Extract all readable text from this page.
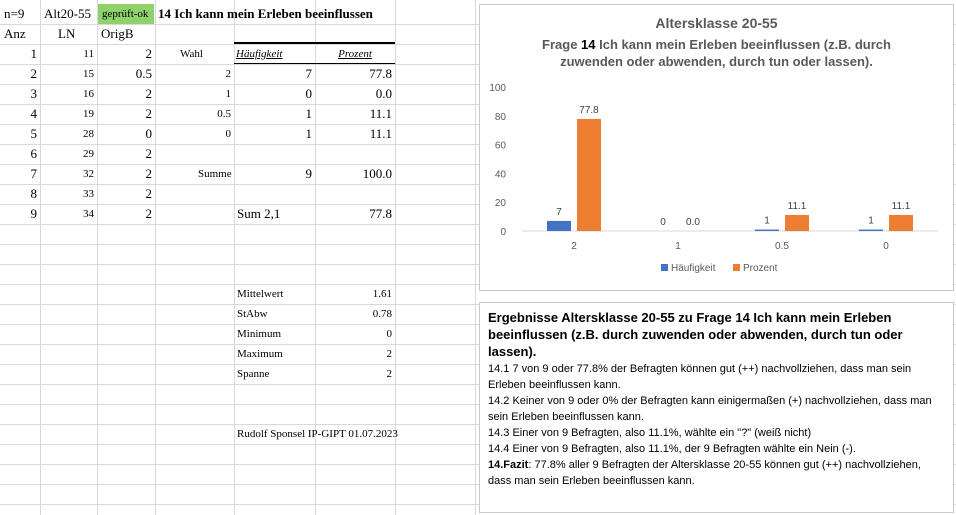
n=9 Alt20-55	geprüft-ok 14 Ich kann mein Erleben beeinflussen
Anz LN OrigB
1	11	2
2	15	0.5
3	16	2
4	19	2
5	28	0
6	29	2
7	32	2
8	33	2
9	34	2
Wahl	Häufigkeit	Prozent
2	7	77.8
1	0	0.0
0.5	1	11.1
0	1	11.1
Summe	9	100.0
Sum 2,1	77.8
Mittelwert	1.61
StAbw	0.78
Minimum	0
Maximum	2
Spanne	2
Rudolf Sponsel IP-GIPT 01.07.2023
Altersklasse 20-55
Frage 14 Ich kann mein Erleben beeinflussen (z.B. durch
zuwenden oder abwenden, durch tun oder lassen).
0
20
40
60
80
100
7
77.8
2
0 0.0
1
1
11.1
0.5
1
11.1
0
Häufigkeit	Prozent

Ergebnisse Altersklasse 20-55 zu Frage 14 Ich kann mein Erleben beeinflussen (z.B. durch zuwenden oder abwenden, durch tun oder lassen).

14.1 7 von 9 oder 77.8% der Befragten können gut (++) nachvollziehen, dass man sein Erleben beeinflussen kann.

14.2 Keiner von 9 oder 0% der Befragten kann einigermaßen (+) nachvollziehen, dass man sein Erleben beeinflussen kann.

14.3 Einer von 9 Befragten, also 11.1%, wählte ein "?" (weiß nicht)

14.4 Einer von 9 Befragten, also 11.1%, der 9 Befragten wählte ein Nein (-).

14.Fazit: 77.8% aller 9 Befragten der Altersklasse 20-55 können gut (++) nachvollziehen, dass man sein Erleben beeinflussen kann.
